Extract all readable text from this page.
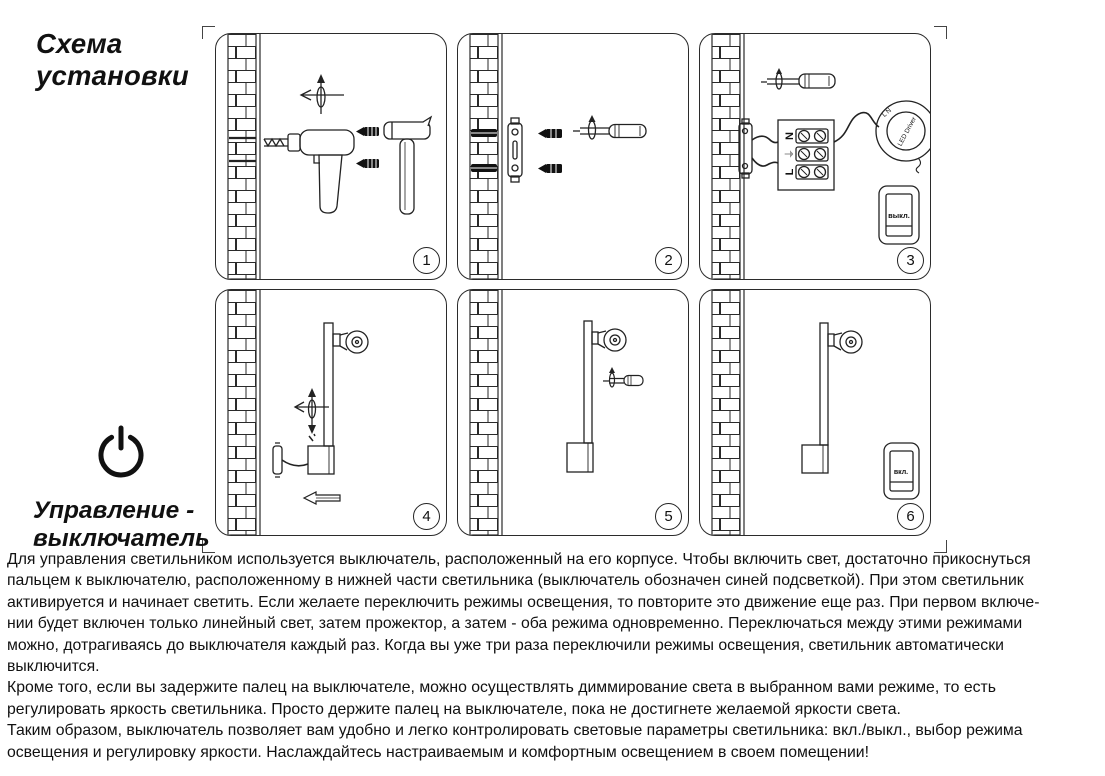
Схема
установки
1	2
N
⏚
L
L N
LED Driver
выкл.
3
4	5
вкл.
6
Управление -
выключатель
Для управления светильником используется выключатель, расположенный на его корпусе. Чтобы включить свет, достаточно прикоснуться
пальцем к выключателю, расположенному в нижней части светильника (выключатель обозначен синей подсветкой). При этом светильник
активируется и начинает светить. Если желаете переключить режимы освещения, то повторите это движение еще раз. При первом включе-
нии будет включен только линейный свет, затем прожектор, а затем - оба режима одновременно. Переключаться между этими режимами
можно, дотрагиваясь до выключателя каждый раз. Когда вы уже три раза переключили режимы освещения, светильник автоматически
выключится.
Кроме того, если вы задержите палец на выключателе, можно осуществлять диммирование света в выбранном вами режиме, то есть
регулировать яркость светильника. Просто держите палец на выключателе, пока не достигнете желаемой яркости света.
Таким образом, выключатель позволяет вам удобно и легко контролировать световые параметры светильника: вкл./выкл., выбор режима
освещения и регулировку яркости. Наслаждайтесь настраиваемым и комфортным освещением в своем помещении!
